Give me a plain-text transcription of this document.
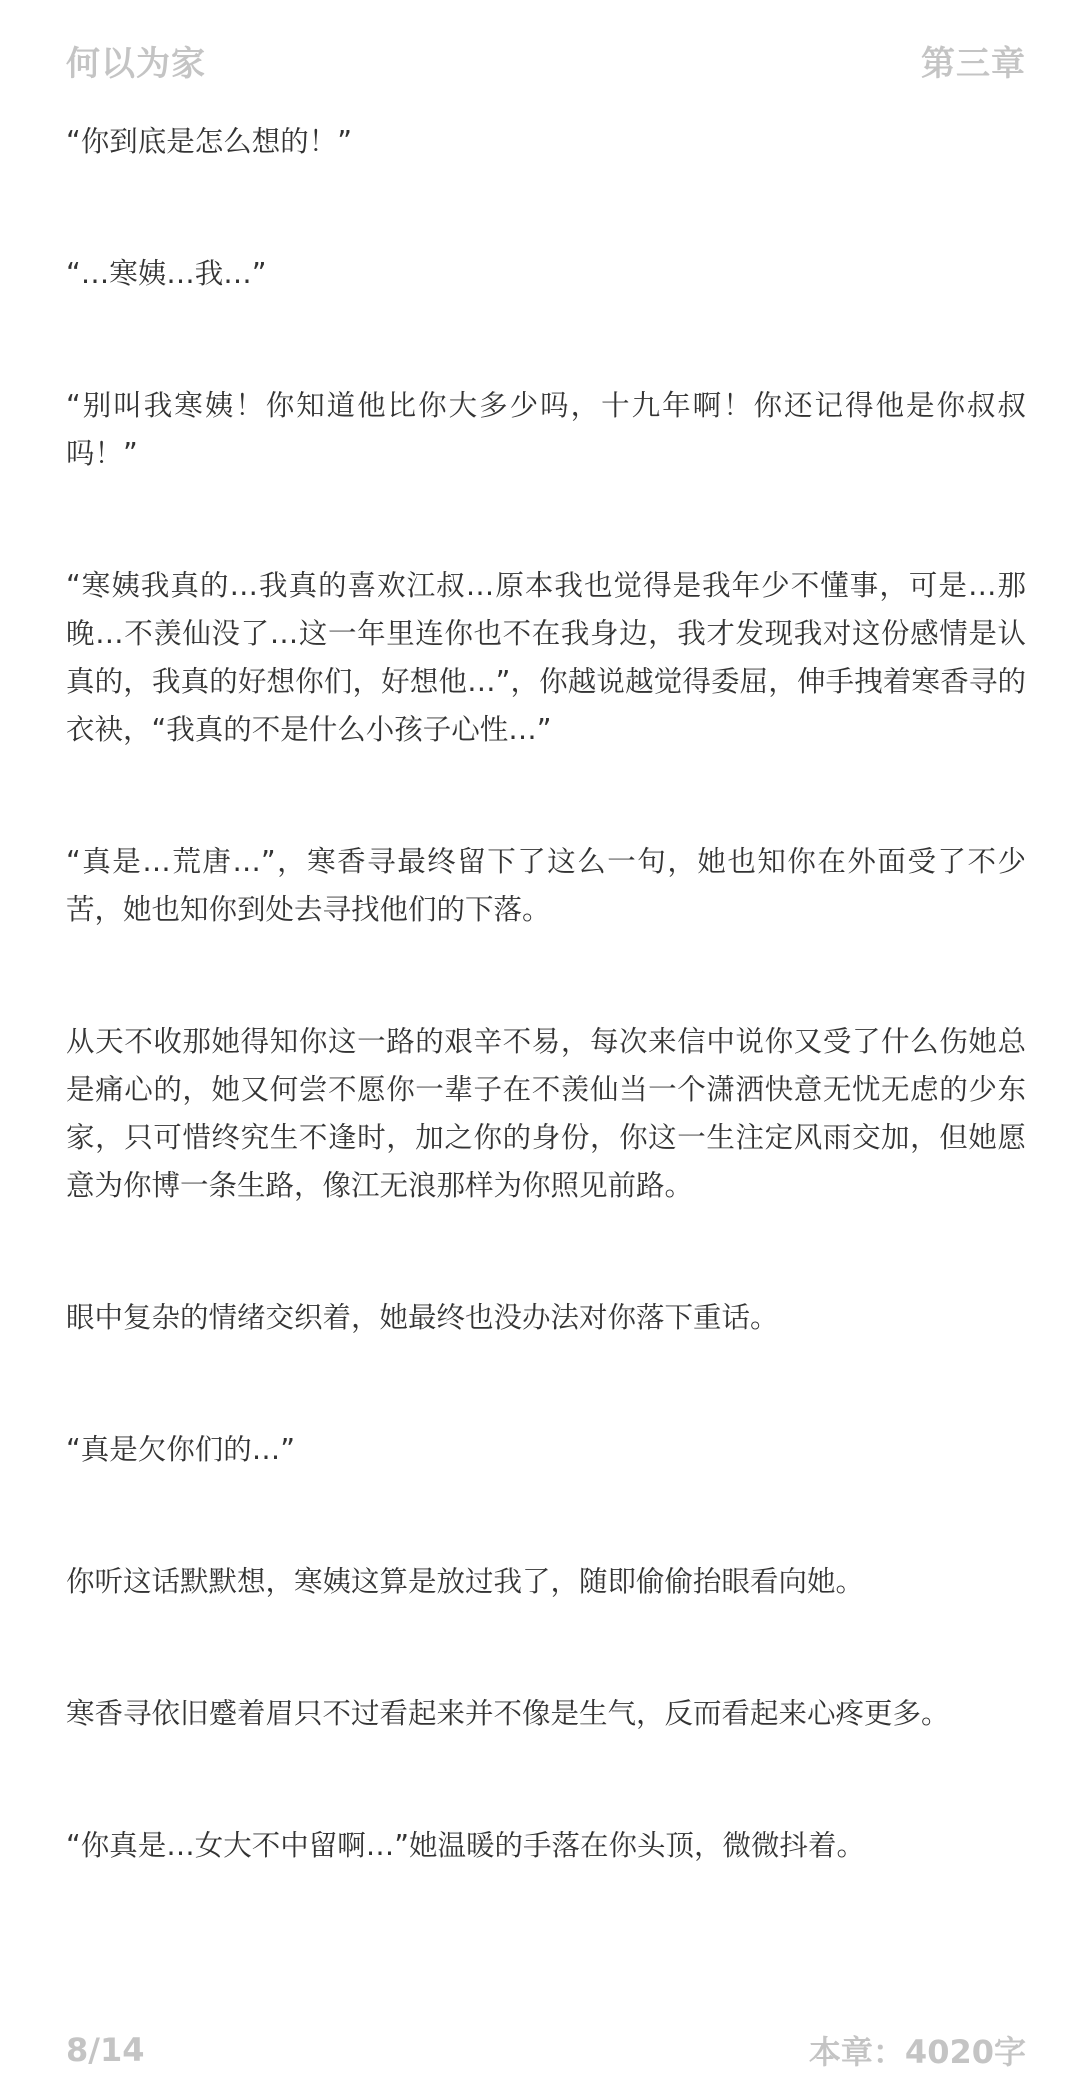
何以为家	第三章

“你到底是怎么想的！”

“…寒姨…我…”

“别叫我寒姨！你知道他比你大多少吗，十九年啊！你还记得他是你叔叔吗！”

“寒姨我真的…我真的喜欢江叔…原本我也觉得是我年少不懂事，可是…那晚…不羡仙没了…这一年里连你也不在我身边，我才发现我对这份感情是认真的，我真的好想你们，好想他…”，你越说越觉得委屈，伸手拽着寒香寻的衣袂，“我真的不是什么小孩子心性…”

“真是…荒唐…”，寒香寻最终留下了这么一句，她也知你在外面受了不少苦，她也知你到处去寻找他们的下落。

从天不收那她得知你这一路的艰辛不易，每次来信中说你又受了什么伤她总是痛心的，她又何尝不愿你一辈子在不羡仙当一个潇洒快意无忧无虑的少东家，只可惜终究生不逢时，加之你的身份，你这一生注定风雨交加，但她愿意为你博一条生路，像江无浪那样为你照见前路。

眼中复杂的情绪交织着，她最终也没办法对你落下重话。

“真是欠你们的…”

你听这话默默想，寒姨这算是放过我了，随即偷偷抬眼看向她。

寒香寻依旧蹙着眉只不过看起来并不像是生气，反而看起来心疼更多。

“你真是…女大不中留啊…”她温暖的手落在你头顶，微微抖着。

8/14	本章：4020字
